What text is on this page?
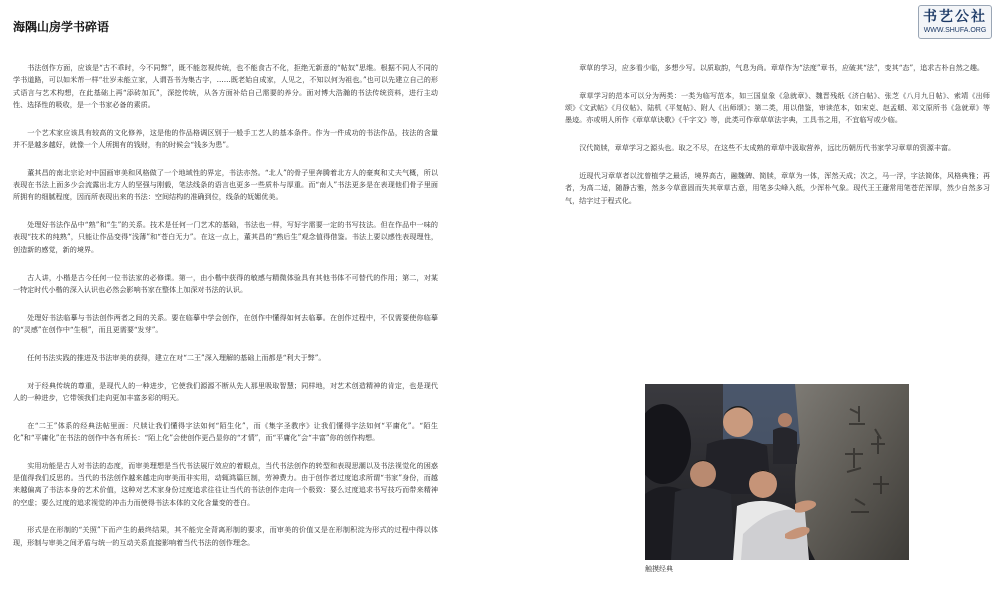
海隅山房学书碎语
书艺公社
WWW.SHUFA.ORG

书法创作方面，应该是“古不乖时，今不同弊”，既不能忽视传统，也不能食古不化，拒绝无新意的“帖奴”思维。根据不同人不同的学书道路，可以如米芾一样“壮岁未能立家，人谓吾书为集古字，……既老始自成家，人见之，不知以何为祖也。”也可以先建立自己的形式语言与艺术构想，在此基础上再“添砖加瓦”，深挖传统，从各方面补给自己需要的养分。面对博大浩瀚的书法传统资料，进行主动性、选择性的吸收，是一个书家必备的素质。

一个艺术家应该具有较高的文化修养，这是他的作品格调区别于一般手工艺人的基本条件。作为一件成功的书法作品，技法的含量并不是越多越好，就像一个人所拥有的钱财，有的时候会“钱多为患”。

董其昌的南北宗论对中国画审美和风格做了一个地域性的界定，书法亦然。“北人”的骨子里奔腾着北方人的豪爽和丈夫气概，所以表现在书法上面多少会流露出北方人的坚强与刚毅，笔法线条的语言也更多一些质朴与厚重。而“南人”书法更多是在表现他们骨子里面所拥有的细腻程度，因而所表现出来的书法：空间结构的准确到位，线条的妩媚优美。

处理好书法作品中“熟”和“生”的关系。技术是任何一门艺术的基础，书法也一样，写好字需要一定的书写技法。但在作品中一味的表现“技术的纯熟”，只能让作品变得“浅薄”和“苍白无力”。在这一点上，董其昌的“熟后生”观念值得借鉴。书法上要以感性表现理性，创造新的感觉，新的境界。

古人讲，小楷是古今任何一位书法家的必修课。第一，由小楷中获得的敏感与精微体验具有其他书体不可替代的作用；第二，对某一特定时代小楷的深入认识也必然会影响书家在整体上加深对书法的认识。

处理好书法临摹与书法创作两者之间的关系。要在临摹中学会创作，在创作中懂得如何去临摹。在创作过程中，不仅需要使你临摹的“灵感”在创作中“生根”，而且更需要“发芽”。

任何书法实践的推进及书法审美的获得，建立在对“二王”深入理解的基础上而都是“利大于弊”。

对于经典传统的尊重，是现代人的一种进步，它使我们源源不断从先人那里吸取智慧；同样地，对艺术创造精神的肯定，也是现代人的一种进步，它带领我们走向更加丰富多彩的明天。

在“二王”体系的经典法帖里面：尺牍让我们懂得字法如何“陌生化”，而《集字圣教序》让我们懂得字法如何“平庸化”。“陌生化”和“平庸化”在书法的创作中各有所长：“陌上化”会使创作更凸显你的“才情”，而“平庸化”会“丰富”你的创作构想。

实用功能是古人对书法的态度，而审美理想是当代书法展厅效应的着眼点，当代书法创作的转型和表现思潮以及书法视觉化的困惑是值得我们反思的。当代的书法创作越来越走向审美而非实用，动辄鸿篇巨制，劳神费力。由于创作者过度追求所谓“书家”身份，而越来越偏离了书法本身的艺术价值，这种对艺术家身份过度追求往往让当代的书法创作走向一个极致：要么过度追求书写技巧而带来精神的空虚；要么过度的追求视觉的冲击力而使得书法本体的文化含量变的苍白。

形式是在形制的“关照”下而产生的最终结果，其不能完全背离形制的要求，而审美的价值又是在形制积淀为形式的过程中得以体现，形制与审美之间矛盾与统一的互动关系直接影响着当代书法的创作理念。

章草的学习，应多看少临，多想少写。以质取韵，气息为尚。章草作为“法度”章书，应破其“法”，变其“态”，追求古朴自然之趣。

章草学习的范本可以分为两类：一类为临写范本，如三国皇象《急就章》、魏晋残纸《济白帖》、张芝《八月九日帖》、索靖《出师颂》《文武帖》《月仪帖》、陆机《平复帖》、附人《出师颂》；第二类，用以借鉴，审读范本，如宋克、赵孟頫、邓文原所书《急就章》等墨迹。亦或明人所作《章草草诀歌》《千字文》等，此类可作章草草法字典，工具书之用，不宜临写或少临。

汉代简牍，章草学习之源头也。取之不尽，在这些不太成熟的章草中汲取营养，远比历朝历代书家学习章草的资源丰富。

近现代习章草者以沈曾植学之最活，境界高古，融魏碑、简牍，章草为一体，浑然天成；次之，马一浮，字法简体，风格典雅；再者，为高二适，随静古雅，然多今草意固而失其章草古意，用笔多尖峰入纸，少浑朴气象。现代王王蘧常用笔苍茫浑厚，然少自然多习气，结字过于程式化。

触摸经典
